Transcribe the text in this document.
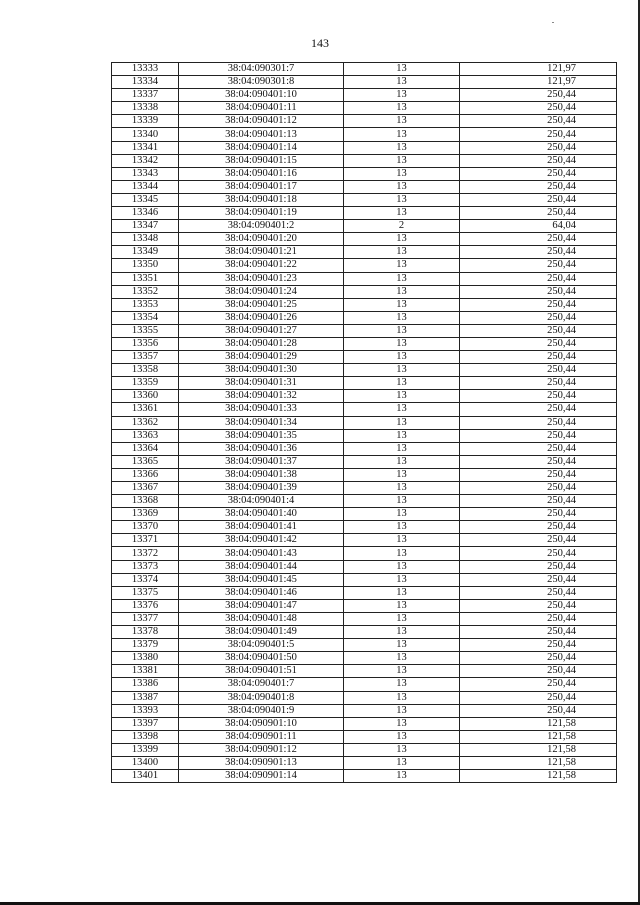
143
13333	38:04:090301:7	13	121,97
13334	38:04:090301:8	13	121,97
13337	38:04:090401:10	13	250,44
13338	38:04:090401:11	13	250,44
13339	38:04:090401:12	13	250,44
13340	38:04:090401:13	13	250,44
13341	38:04:090401:14	13	250,44
13342	38:04:090401:15	13	250,44
13343	38:04:090401:16	13	250,44
13344	38:04:090401:17	13	250,44
13345	38:04:090401:18	13	250,44
13346	38:04:090401:19	13	250,44
13347	38:04:090401:2	2	64,04
13348	38:04:090401:20	13	250,44
13349	38:04:090401:21	13	250,44
13350	38:04:090401:22	13	250,44
13351	38:04:090401:23	13	250,44
13352	38:04:090401:24	13	250,44
13353	38:04:090401:25	13	250,44
13354	38:04:090401:26	13	250,44
13355	38:04:090401:27	13	250,44
13356	38:04:090401:28	13	250,44
13357	38:04:090401:29	13	250,44
13358	38:04:090401:30	13	250,44
13359	38:04:090401:31	13	250,44
13360	38:04:090401:32	13	250,44
13361	38:04:090401:33	13	250,44
13362	38:04:090401:34	13	250,44
13363	38:04:090401:35	13	250,44
13364	38:04:090401:36	13	250,44
13365	38:04:090401:37	13	250,44
13366	38:04:090401:38	13	250,44
13367	38:04:090401:39	13	250,44
13368	38:04:090401:4	13	250,44
13369	38:04:090401:40	13	250,44
13370	38:04:090401:41	13	250,44
13371	38:04:090401:42	13	250,44
13372	38:04:090401:43	13	250,44
13373	38:04:090401:44	13	250,44
13374	38:04:090401:45	13	250,44
13375	38:04:090401:46	13	250,44
13376	38:04:090401:47	13	250,44
13377	38:04:090401:48	13	250,44
13378	38:04:090401:49	13	250,44
13379	38:04:090401:5	13	250,44
13380	38:04:090401:50	13	250,44
13381	38:04:090401:51	13	250,44
13386	38:04:090401:7	13	250,44
13387	38:04:090401:8	13	250,44
13393	38:04:090401:9	13	250,44
13397	38:04:090901:10	13	121,58
13398	38:04:090901:11	13	121,58
13399	38:04:090901:12	13	121,58
13400	38:04:090901:13	13	121,58
13401	38:04:090901:14	13	121,58
